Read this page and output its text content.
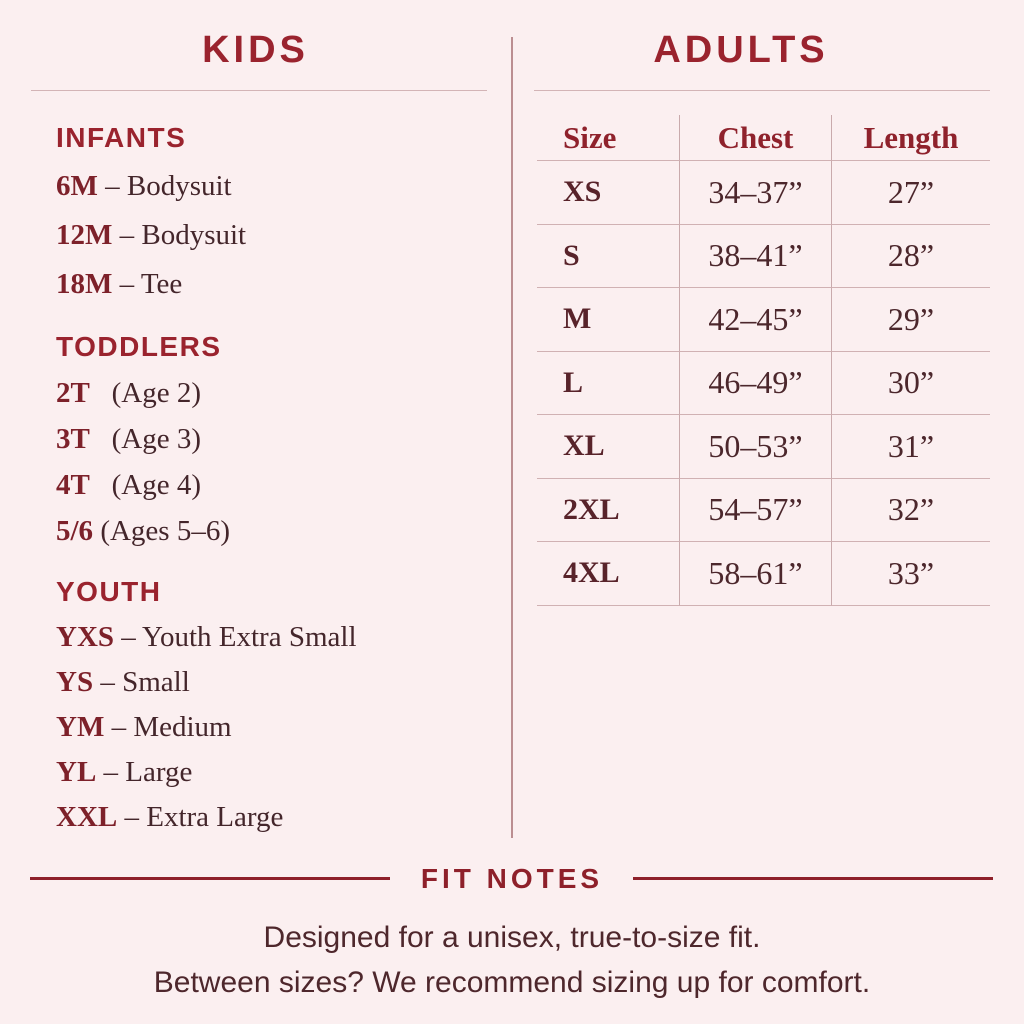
KIDS	ADULTS
INFANTS
6M – Bodysuit
12M – Bodysuit
18M – Tee
TODDLERS
2T   (Age 2)
3T   (Age 3)
4T   (Age 4)
5/6 (Ages 5–6)
YOUTH
YXS – Youth Extra Small
YS – Small
YM – Medium
YL – Large
XXL – Extra Large
Size	Chest	Length
XS	34–37”	27”
S	38–41”	28”
M	42–45”	29”
L	46–49”	30”
XL	50–53”	31”
2XL	54–57”	32”
4XL	58–61”	33”
FIT NOTES

Designed for a unisex, true-to-size fit.

Between sizes? We recommend sizing up for comfort.
